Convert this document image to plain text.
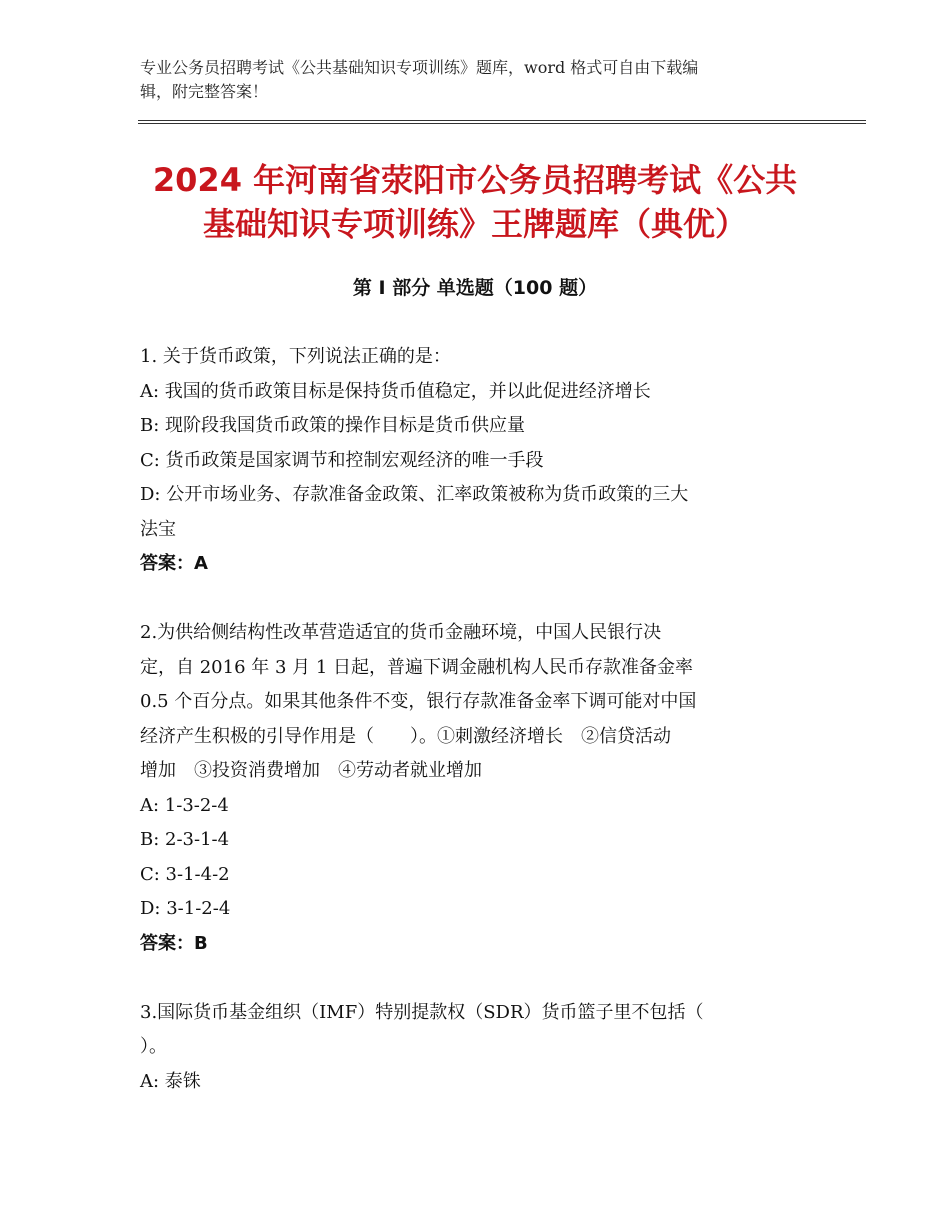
专业公务员招聘考试《公共基础知识专项训练》题库，word 格式可自由下载编
辑，附完整答案！
2024 年河南省荥阳市公务员招聘考试《公共
基础知识专项训练》王牌题库（典优）
第 I 部分 单选题（100 题）

1. 关于货币政策，下列说法正确的是：

A: 我国的货币政策目标是保持货币值稳定，并以此促进经济增长

B: 现阶段我国货币政策的操作目标是货币供应量

C: 货币政策是国家调节和控制宏观经济的唯一手段

D: 公开市场业务、存款准备金政策、汇率政策被称为货币政策的三大

法宝

答案：A

2.为供给侧结构性改革营造适宜的货币金融环境，中国人民银行决

定，自 2016 年 3 月 1 日起，普遍下调金融机构人民币存款准备金率

0.5 个百分点。如果其他条件不变，银行存款准备金率下调可能对中国

经济产生积极的引导作用是（　　）。①刺激经济增长　②信贷活动

增加　③投资消费增加　④劳动者就业增加

A: 1-3-2-4

B: 2-3-1-4

C: 3-1-4-2

D: 3-1-2-4

答案：B

3.国际货币基金组织（IMF）特别提款权（SDR）货币篮子里不包括（

）。

A: 泰铢
